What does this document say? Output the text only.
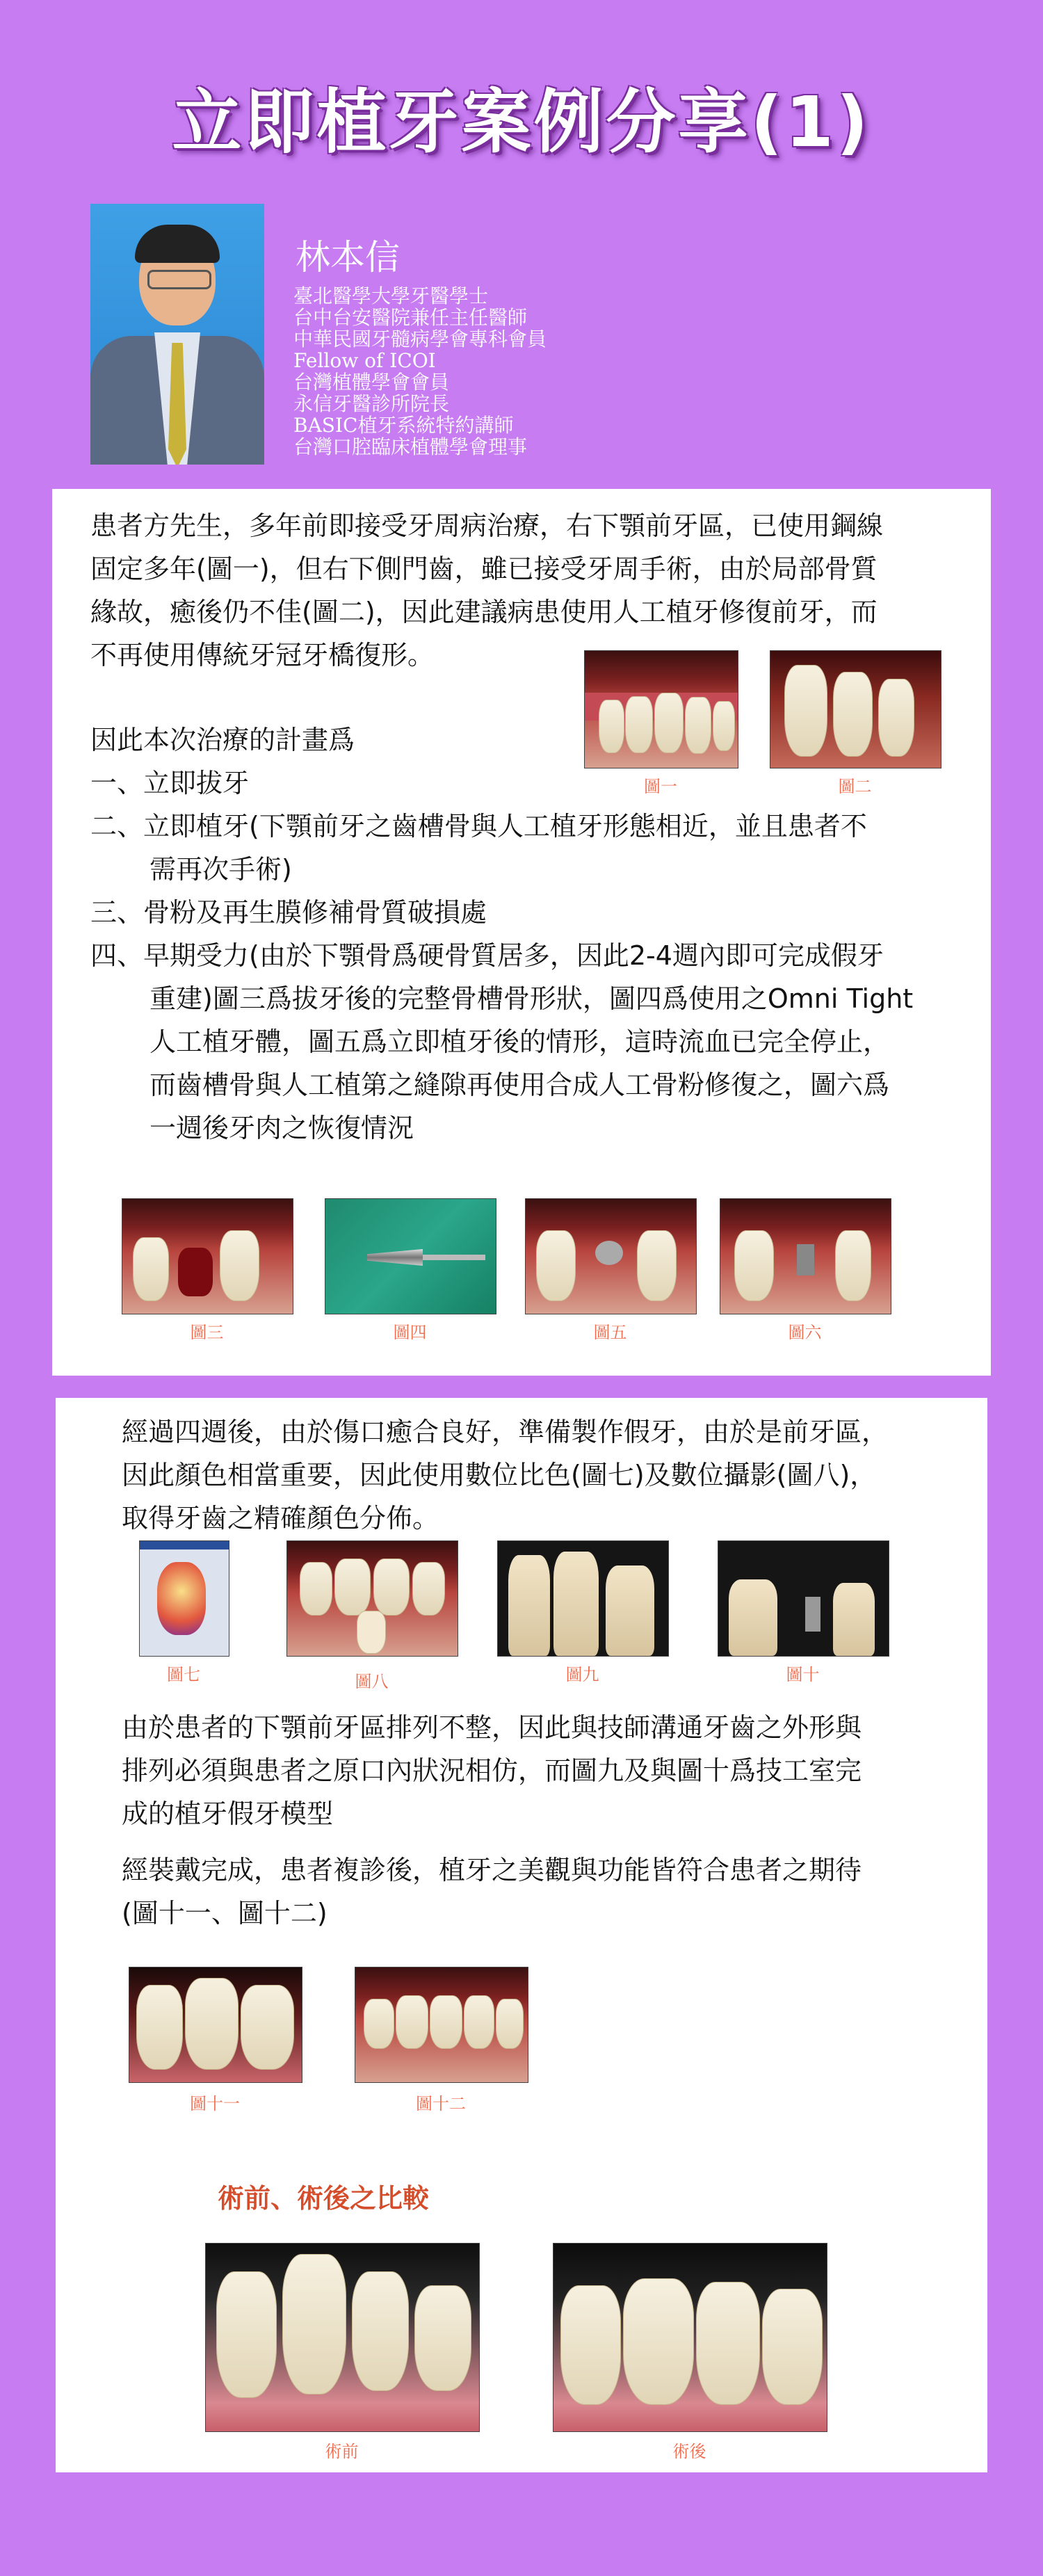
立即植牙案例分享(1)
林本信
臺北醫學大學牙醫學士
台中台安醫院兼任主任醫師
中華民國牙髓病學會專科會員
Fellow of ICOI
台灣植體學會會員
永信牙醫診所院長
BASIC植牙系統特約講師
台灣口腔臨床植體學會理事
患者方先生，多年前即接受牙周病治療，右下顎前牙區，已使用鋼線
固定多年(圖一)，但右下側門齒，雖已接受牙周手術，由於局部骨質
緣故，癒後仍不佳(圖二)，因此建議病患使用人工植牙修復前牙，而
不再使用傳統牙冠牙橋復形。
圖一	圖二
因此本次治療的計畫爲
一、立即拔牙
二、立即植牙(下顎前牙之齒槽骨與人工植牙形態相近，並且患者不
需再次手術)
三、骨粉及再生膜修補骨質破損處
四、早期受力(由於下顎骨爲硬骨質居多，因此2-4週內即可完成假牙
重建)圖三爲拔牙後的完整骨槽骨形狀，圖四爲使用之Omni Tight
人工植牙體，圖五爲立即植牙後的情形，這時流血已完全停止，
而齒槽骨與人工植第之縫隙再使用合成人工骨粉修復之，圖六爲
一週後牙肉之恢復情況
圖三	圖四	圖五	圖六
經過四週後，由於傷口癒合良好，準備製作假牙，由於是前牙區，
因此顏色相當重要，因此使用數位比色(圖七)及數位攝影(圖八)，
取得牙齒之精確顏色分佈。
圖七	圖八	圖九	圖十
由於患者的下顎前牙區排列不整，因此與技師溝通牙齒之外形與
排列必須與患者之原口內狀況相仿，而圖九及與圖十爲技工室完
成的植牙假牙模型
經裝戴完成，患者複診後，植牙之美觀與功能皆符合患者之期待
(圖十一、圖十二)
圖十一	圖十二
術前、術後之比較
術前	術後
